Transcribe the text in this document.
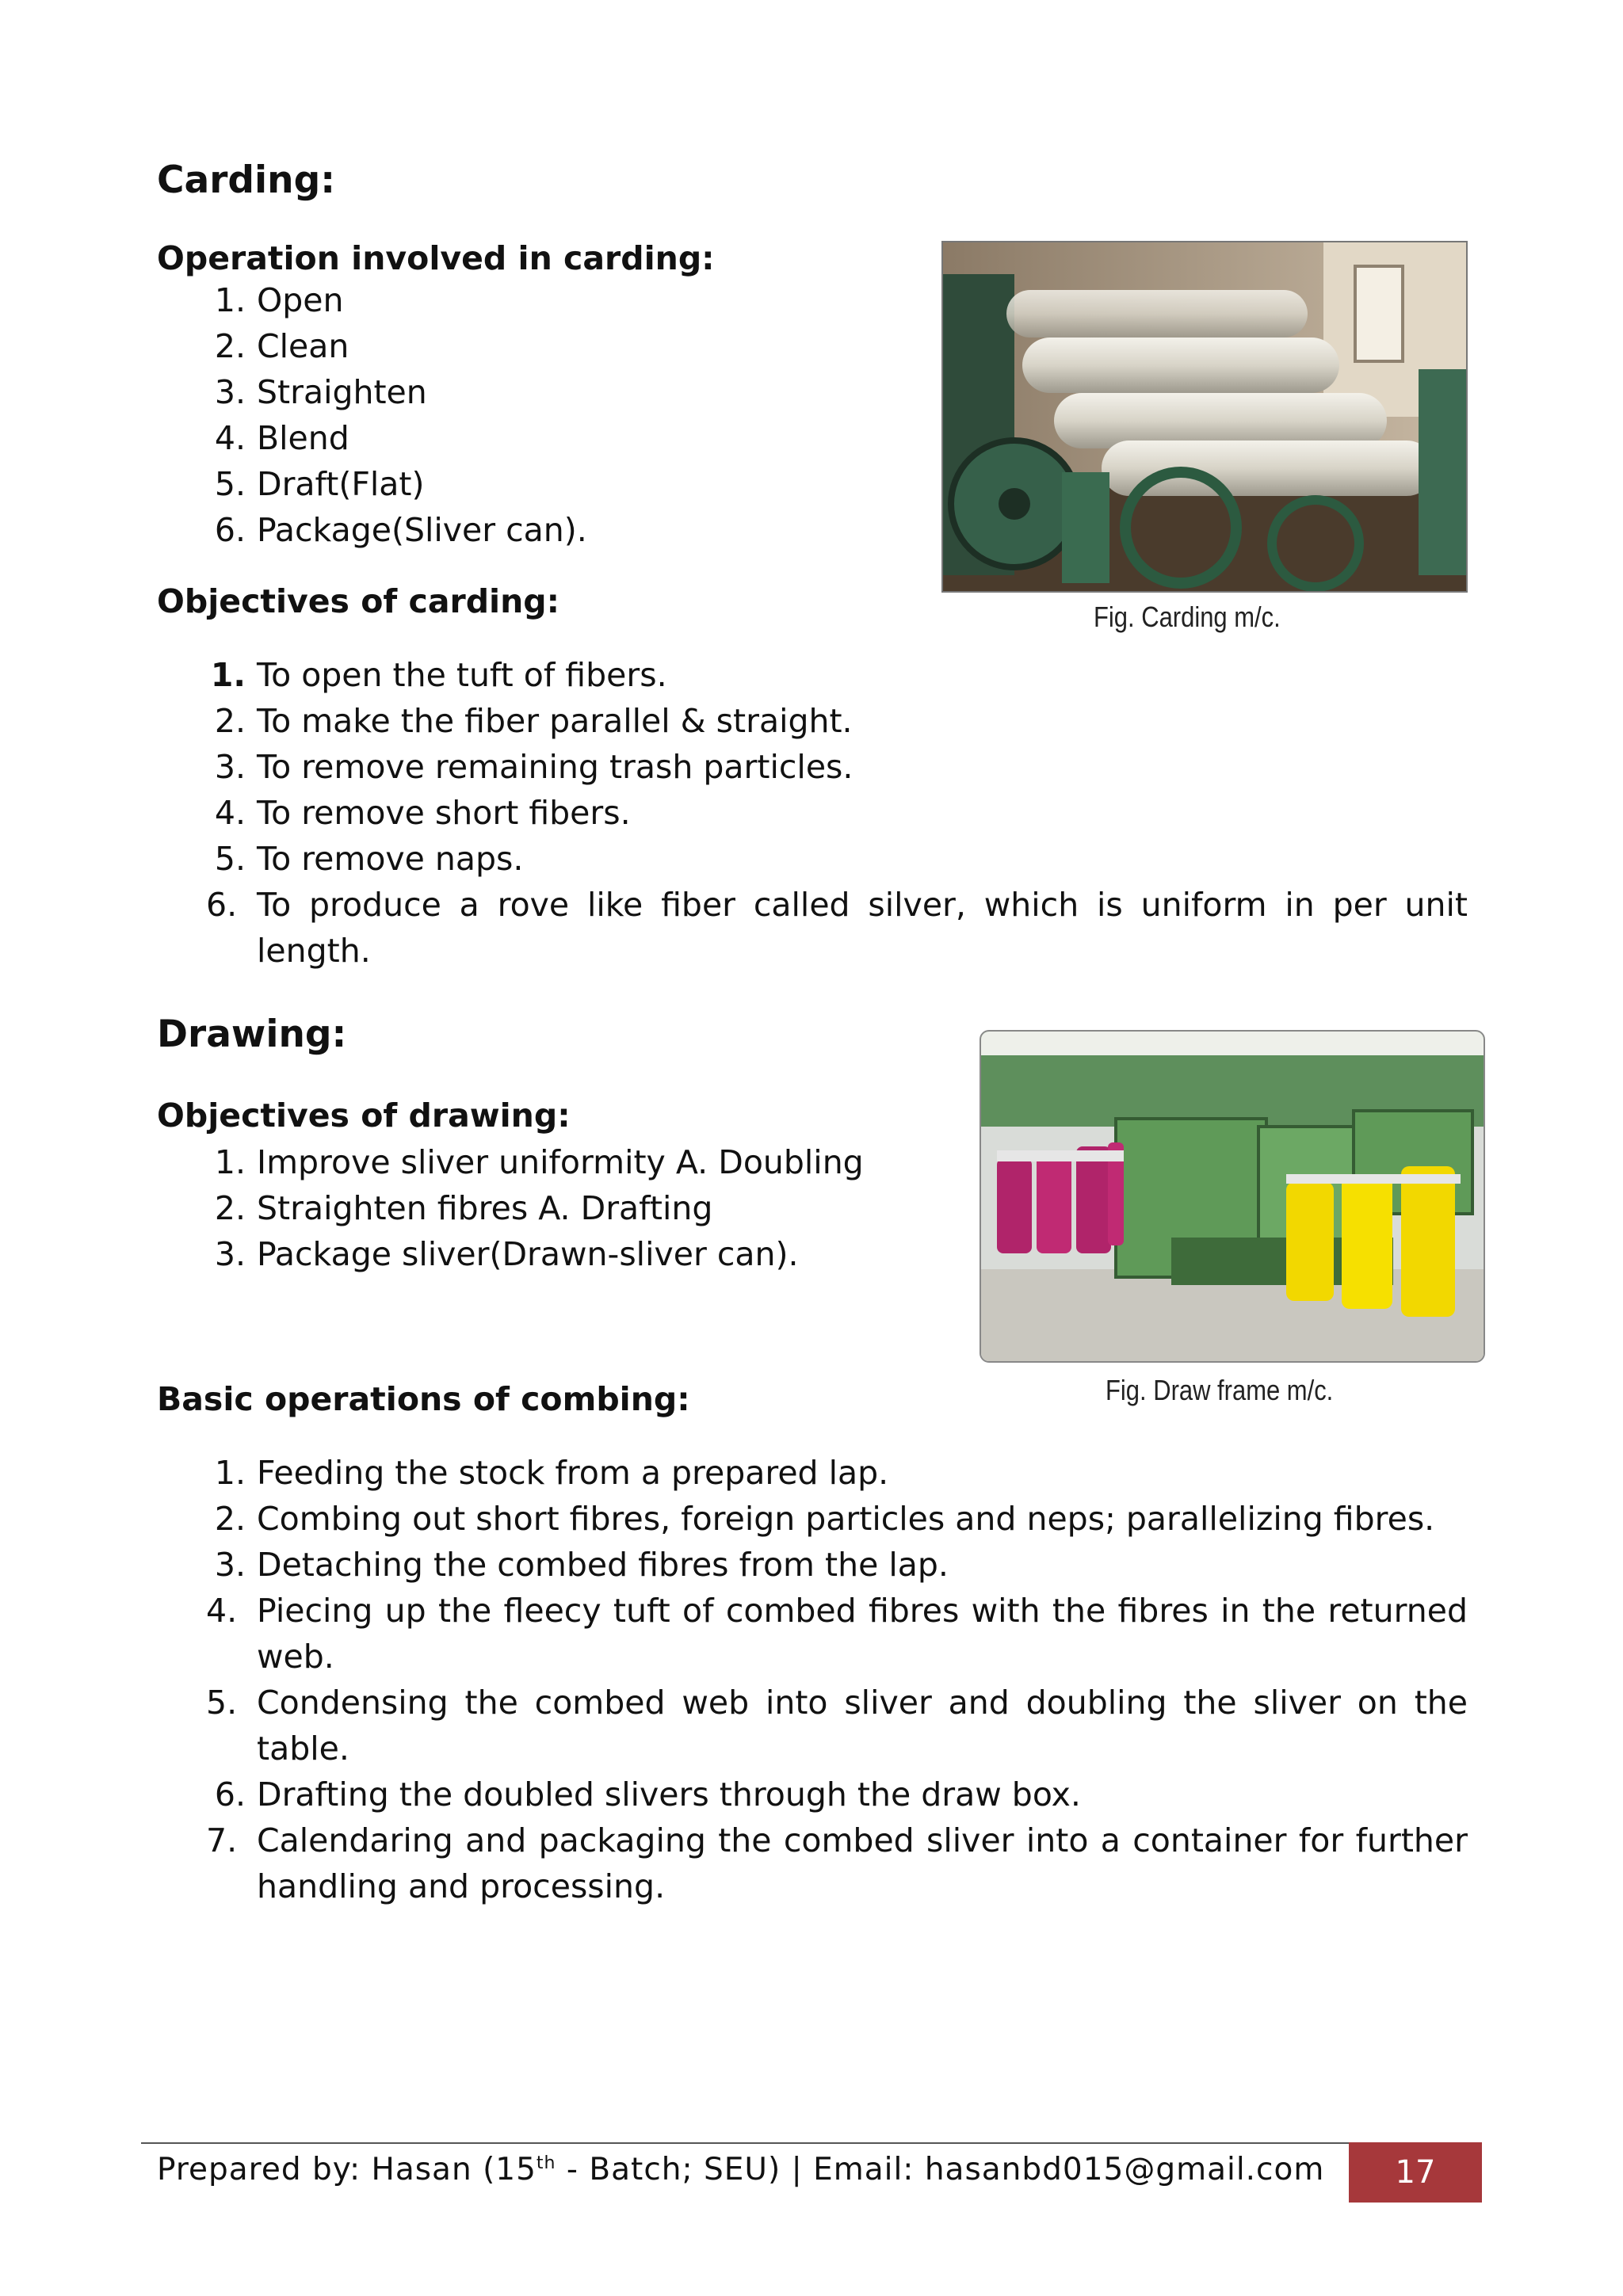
Carding:
Operation involved in carding:
1. Open
2. Clean
3. Straighten
4. Blend
5. Draft(Flat)
6. Package(Sliver can).
Objectives of carding:	Fig. Carding m/c.
1. To open the tuft of fibers.
2. To make the fiber parallel & straight.
3. To remove remaining trash particles.
4. To remove short fibers.
5. To remove naps.
6. To produce a rove like fiber called silver, which is uniform in per unit length.
Drawing:
Objectives of drawing:
1. Improve sliver uniformity A. Doubling
2. Straighten fibres A. Drafting
3. Package sliver(Drawn-sliver can).
Fig. Draw frame m/c.
Basic operations of combing:
1. Feeding the stock from a prepared lap.
2. Combing out short fibres, foreign particles and neps; parallelizing fibres.
3. Detaching the combed fibres from the lap.
4. Piecing up the fleecy tuft of combed fibres with the fibres in the returned web.
5. Condensing the combed web into sliver and doubling the sliver on the table.
6. Drafting the doubled slivers through the draw box.
7. Calendaring and packaging the combed sliver into a container for further handling and processing.
Prepared by: Hasan (15th - Batch; SEU) | Email: hasanbd015@gmail.com	17
